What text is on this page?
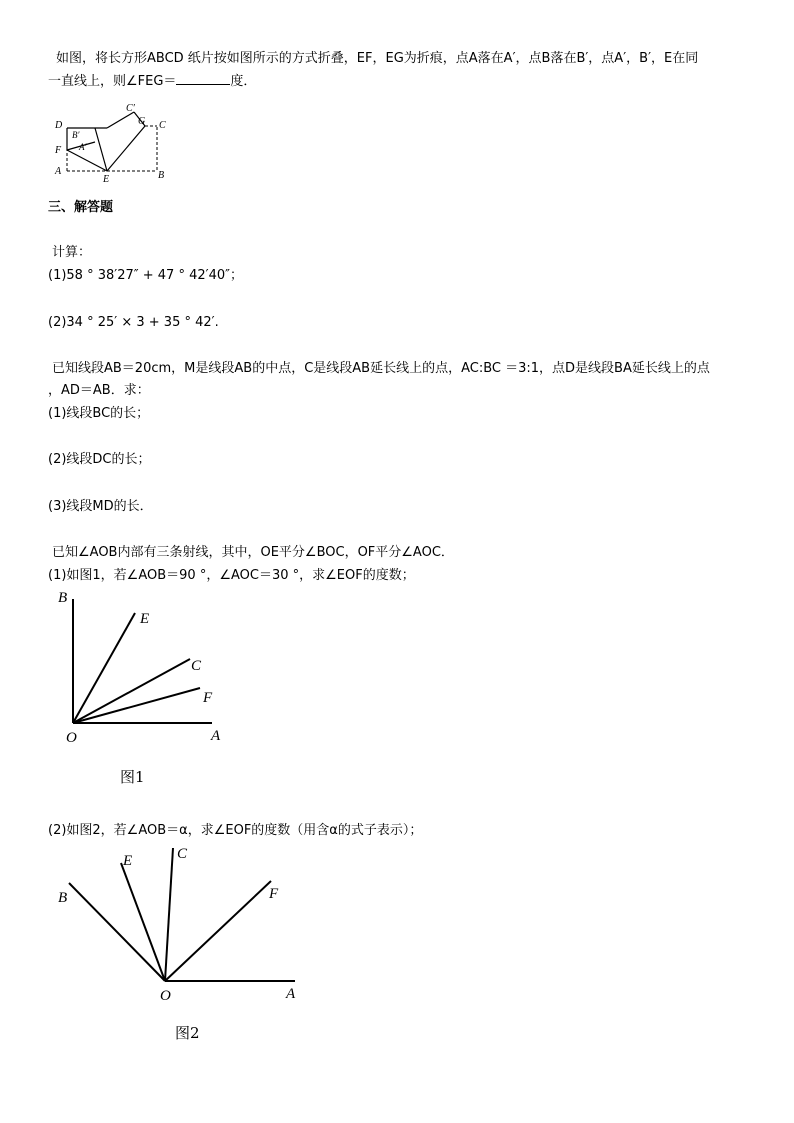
如图，将长方形ABCD 纸片按如图所示的方式折叠，EF，EG为折痕，点A落在A′，点B落在B′，点A′，B′，E在同
一直线上，则∠FEG＝	度．
D
C′
G C
B′
F A′
A
E	B
三、解答题
计算：
(1)58 ° 38′27″ + 47 ° 42′40″；
(2)34 ° 25′ × 3 + 35 ° 42′.
已知线段AB＝20cm，M是线段AB的中点，C是线段AB延长线上的点，AC:BC ＝3:1，点D是线段BA延长线上的点
，AD＝AB．求：
(1)线段BC的长；
(2)线段DC的长；
(3)线段MD的长．
已知∠AOB内部有三条射线，其中，OE平分∠BOC，OF平分∠AOC．
(1)如图1，若∠AOB＝90 °，∠AOC＝30 °，求∠EOF的度数；
B
E
C
F
O	A
图1
(2)如图2，若∠AOB＝α，求∠EOF的度数（用含α的式子表示）；
B
E	C
F
O	A
图2
